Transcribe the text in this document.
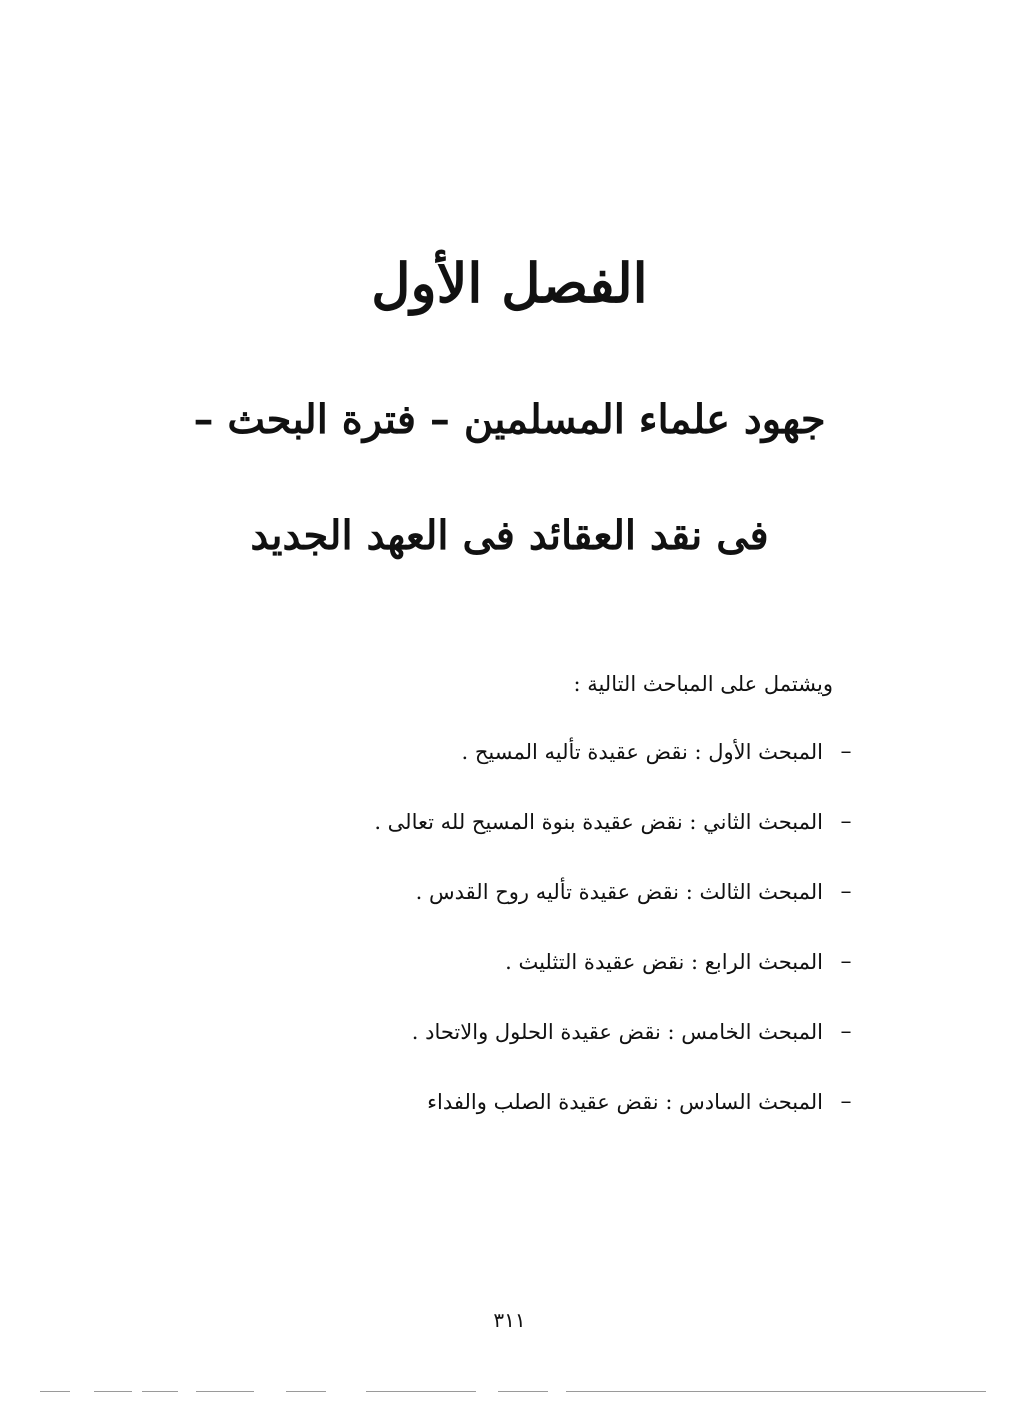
الفصل الأول
جهود علماء المسلمين – فترة البحث –
فى نقد العقائد فى العهد الجديد
ويشتمل على المباحث التالية :
–
المبحث الأول : نقض عقيدة تأليه المسيح .
–
المبحث الثاني : نقض عقيدة بنوة المسيح لله تعالى .
–
المبحث الثالث : نقض عقيدة تأليه روح القدس .
–
المبحث الرابع : نقض عقيدة التثليث .
–
المبحث الخامس : نقض عقيدة الحلول والاتحاد .
–
المبحث السادس : نقض عقيدة الصلب والفداء
٣١١
